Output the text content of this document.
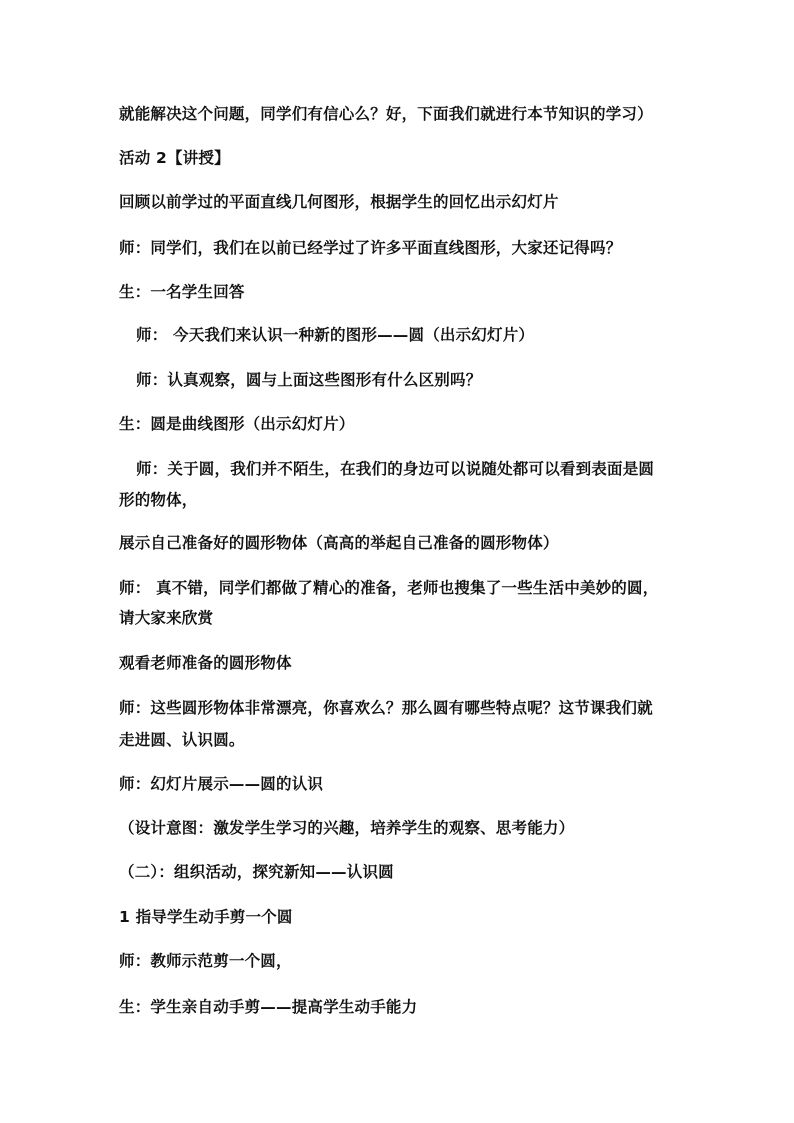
就能解决这个问题，同学们有信心么？好，下面我们就进行本节知识的学习）
活动 2【讲授】
回顾以前学过的平面直线几何图形，根据学生的回忆出示幻灯片
师：同学们，我们在以前已经学过了许多平面直线图形，大家还记得吗？
生：一名学生回答
师： 今天我们来认识一种新的图形——圆（出示幻灯片）
师：认真观察，圆与上面这些图形有什么区别吗？
生：圆是曲线图形（出示幻灯片）
师：关于圆，我们并不陌生，在我们的身边可以说随处都可以看到表面是圆
形的物体，
展示自己准备好的圆形物体（高高的举起自己准备的圆形物体）
师： 真不错，同学们都做了精心的准备，老师也搜集了一些生活中美妙的圆，
请大家来欣赏
观看老师准备的圆形物体
师：这些圆形物体非常漂亮，你喜欢么？那么圆有哪些特点呢？这节课我们就
走进圆、认识圆。
师：幻灯片展示——圆的认识
（设计意图：激发学生学习的兴趣，培养学生的观察、思考能力）
（二）：组织活动，探究新知——认识圆
1 指导学生动手剪一个圆
师：教师示范剪一个圆，
生：学生亲自动手剪——提高学生动手能力
